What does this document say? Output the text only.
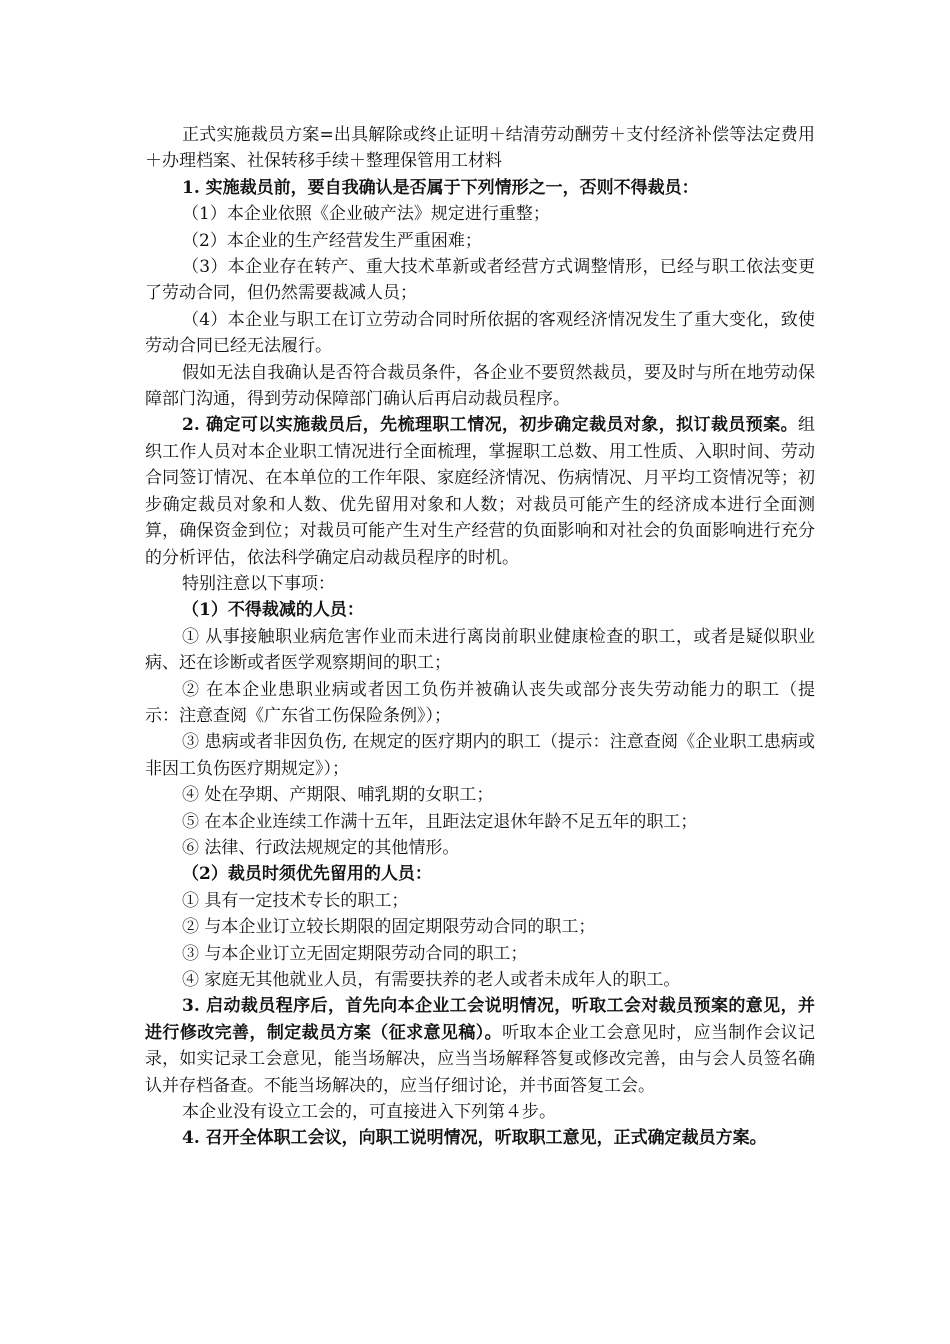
正式实施裁员方案=出具解除或终止证明＋结清劳动酬劳＋支付经济补偿等法定费用＋办理档案、社保转移手续＋整理保管用工材料

1. 实施裁员前，要自我确认是否属于下列情形之一，否则不得裁员：

（1）本企业依照《企业破产法》规定进行重整；

（2）本企业的生产经营发生严重困难；

（3）本企业存在转产、重大技术革新或者经营方式调整情形，已经与职工依法变更了劳动合同，但仍然需要裁减人员；

（4）本企业与职工在订立劳动合同时所依据的客观经济情况发生了重大变化，致使劳动合同已经无法履行。

假如无法自我确认是否符合裁员条件，各企业不要贸然裁员，要及时与所在地劳动保障部门沟通，得到劳动保障部门确认后再启动裁员程序。

2. 确定可以实施裁员后，先梳理职工情况，初步确定裁员对象，拟订裁员预案。组织工作人员对本企业职工情况进行全面梳理，掌握职工总数、用工性质、入职时间、劳动合同签订情况、在本单位的工作年限、家庭经济情况、伤病情况、月平均工资情况等；初步确定裁员对象和人数、优先留用对象和人数；对裁员可能产生的经济成本进行全面测算，确保资金到位；对裁员可能产生对生产经营的负面影响和对社会的负面影响进行充分的分析评估，依法科学确定启动裁员程序的时机。

特别注意以下事项：

（1）不得裁减的人员：

① 从事接触职业病危害作业而未进行离岗前职业健康检查的职工，或者是疑似职业病、还在诊断或者医学观察期间的职工；

② 在本企业患职业病或者因工负伤并被确认丧失或部分丧失劳动能力的职工（提示：注意查阅《广东省工伤保险条例》）；

③ 患病或者非因负伤, 在规定的医疗期内的职工（提示：注意查阅《企业职工患病或非因工负伤医疗期规定》）；

④ 处在孕期、产期限、哺乳期的女职工；

⑤ 在本企业连续工作满十五年，且距法定退休年龄不足五年的职工；

⑥ 法律、行政法规规定的其他情形。

（2）裁员时须优先留用的人员：

① 具有一定技术专长的职工；

② 与本企业订立较长期限的固定期限劳动合同的职工；

③ 与本企业订立无固定期限劳动合同的职工；

④ 家庭无其他就业人员，有需要扶养的老人或者未成年人的职工。

3. 启动裁员程序后，首先向本企业工会说明情况，听取工会对裁员预案的意见，并进行修改完善，制定裁员方案（征求意见稿）。听取本企业工会意见时，应当制作会议记录，如实记录工会意见，能当场解决，应当当场解释答复或修改完善，由与会人员签名确认并存档备查。不能当场解决的，应当仔细讨论，并书面答复工会。

本企业没有设立工会的，可直接进入下列第４步。

4. 召开全体职工会议，向职工说明情况，听取职工意见，正式确定裁员方案。
